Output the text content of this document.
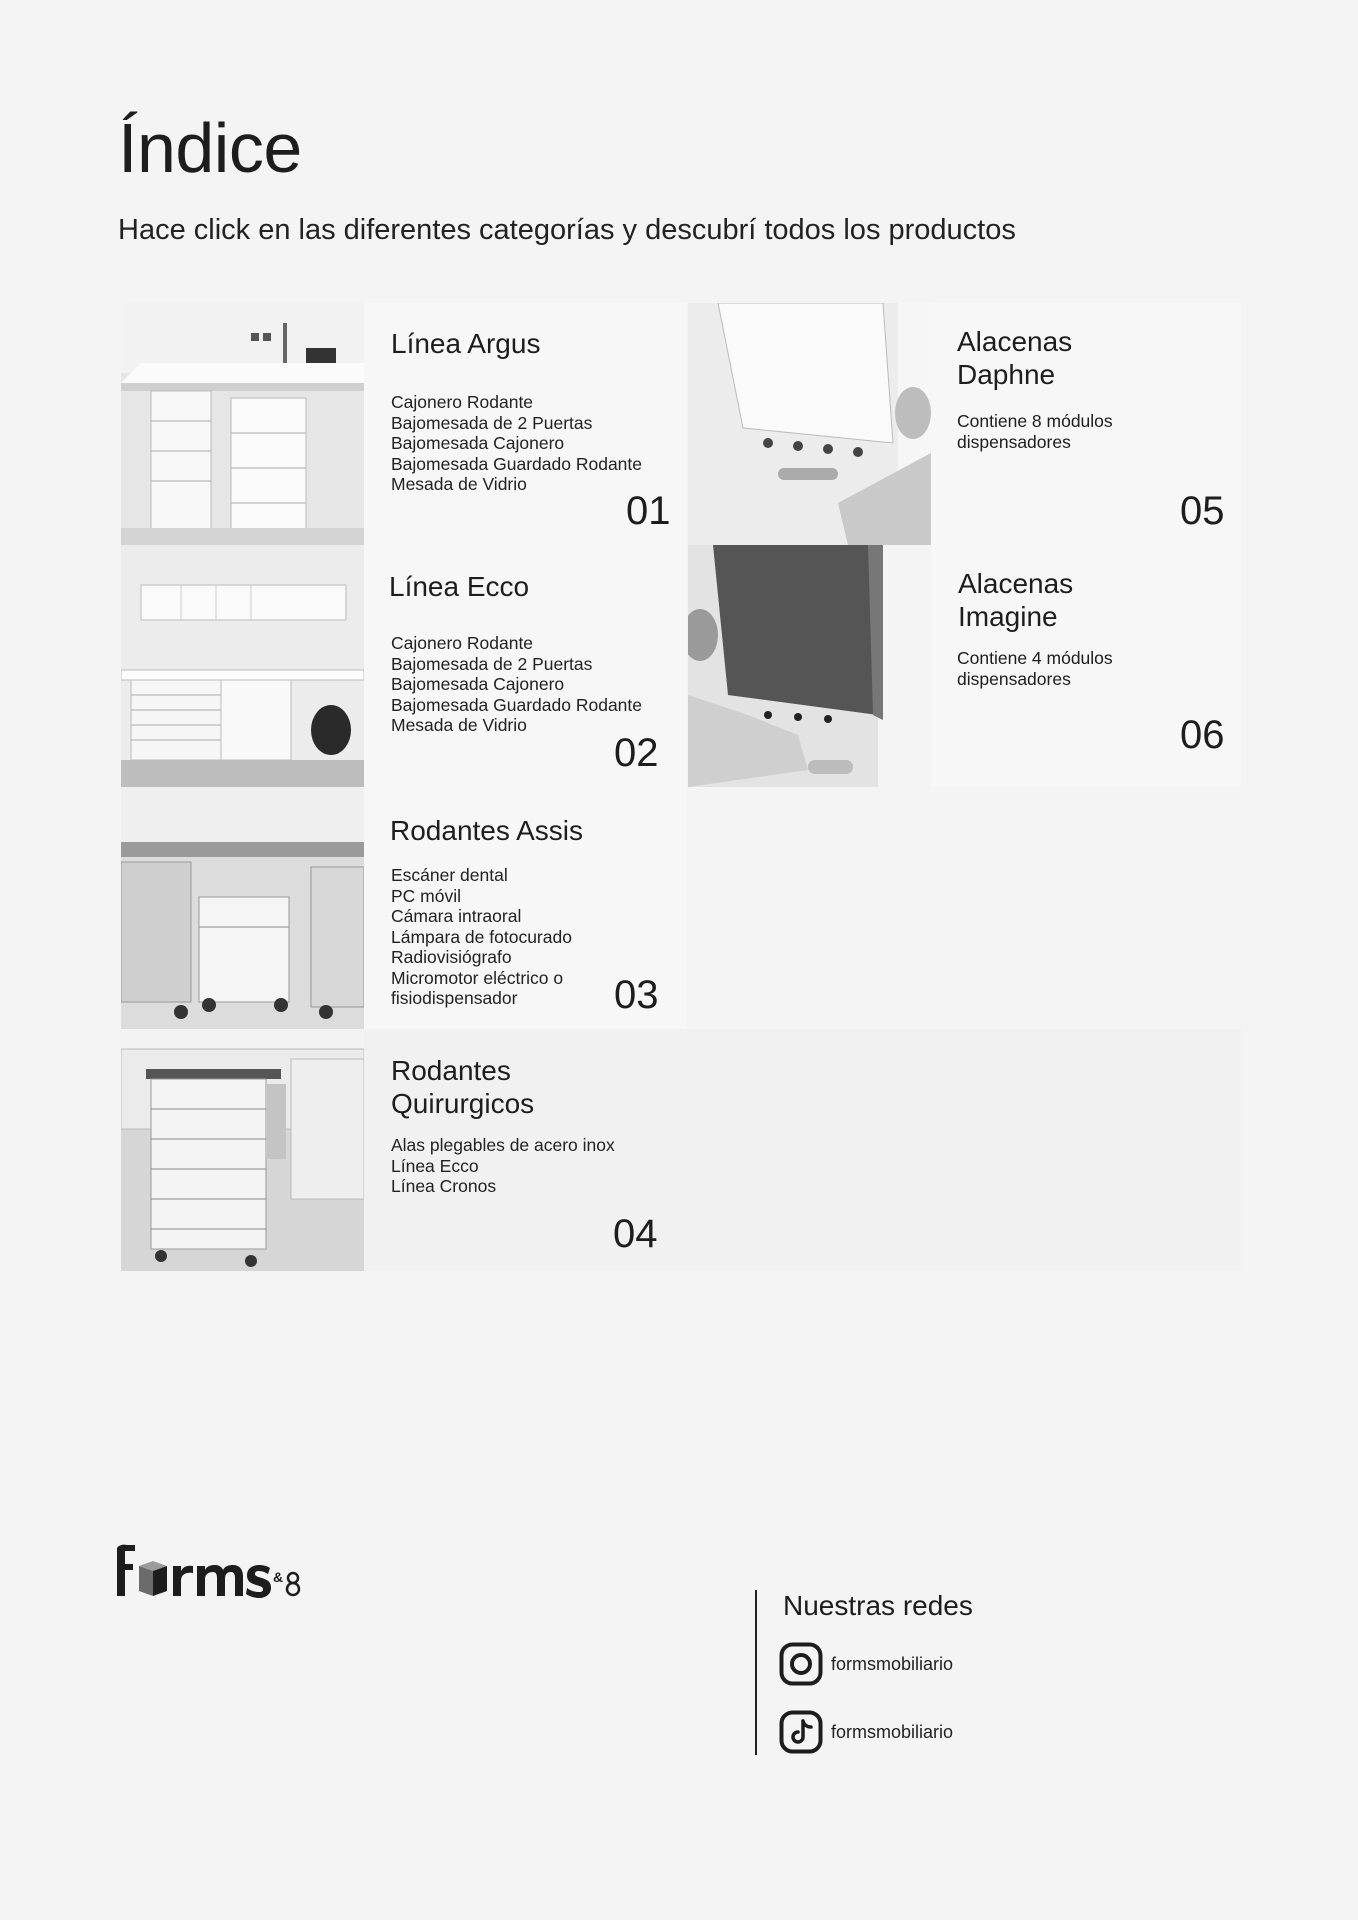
Índice

Hace click en las diferentes categorías y descubrí todos los productos

Línea Argus
Cajonero Rodante
Bajomesada de 2 Puertas
Bajomesada Cajonero
Bajomesada Guardado Rodante
Mesada de Vidrio
01
Línea Ecco
Cajonero Rodante
Bajomesada de 2 Puertas
Bajomesada Cajonero
Bajomesada Guardado Rodante
Mesada de Vidrio
02
Rodantes Assis
Escáner dental
PC móvil
Cámara intraoral
Lámpara de fotocurado
Radiovisiógrafo
Micromotor eléctrico o
fisiodispensador	03
Rodantes
Quirurgicos
Alas plegables de acero inox
Línea Ecco
Línea Cronos
04
Alacenas
Daphne
Contiene 8 módulos
dispensadores
05
Alacenas
Imagine
Contiene 4 módulos
dispensadores
06
&
Nuestras redes
formsmobiliario
formsmobiliario
